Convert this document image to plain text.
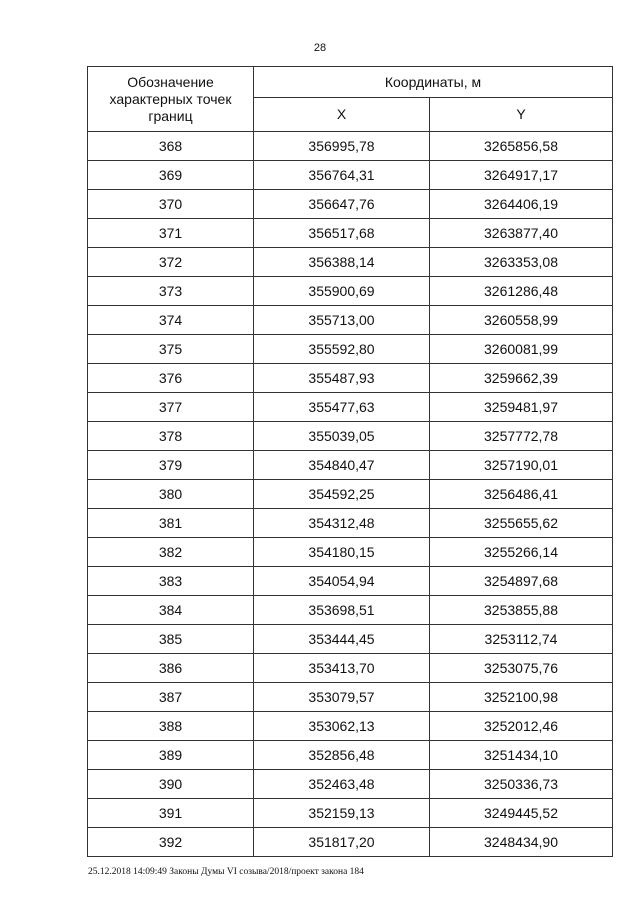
28
Обозначение характерных точек границ	Координаты, м	
	X	Y
368	356995,78	3265856,58
369	356764,31	3264917,17
370	356647,76	3264406,19
371	356517,68	3263877,40
372	356388,14	3263353,08
373	355900,69	3261286,48
374	355713,00	3260558,99
375	355592,80	3260081,99
376	355487,93	3259662,39
377	355477,63	3259481,97
378	355039,05	3257772,78
379	354840,47	3257190,01
380	354592,25	3256486,41
381	354312,48	3255655,62
382	354180,15	3255266,14
383	354054,94	3254897,68
384	353698,51	3253855,88
385	353444,45	3253112,74
386	353413,70	3253075,76
387	353079,57	3252100,98
388	353062,13	3252012,46
389	352856,48	3251434,10
390	352463,48	3250336,73
391	352159,13	3249445,52
392	351817,20	3248434,90
25.12.2018 14:09:49 Законы Думы VI созыва/2018/проект закона 184
